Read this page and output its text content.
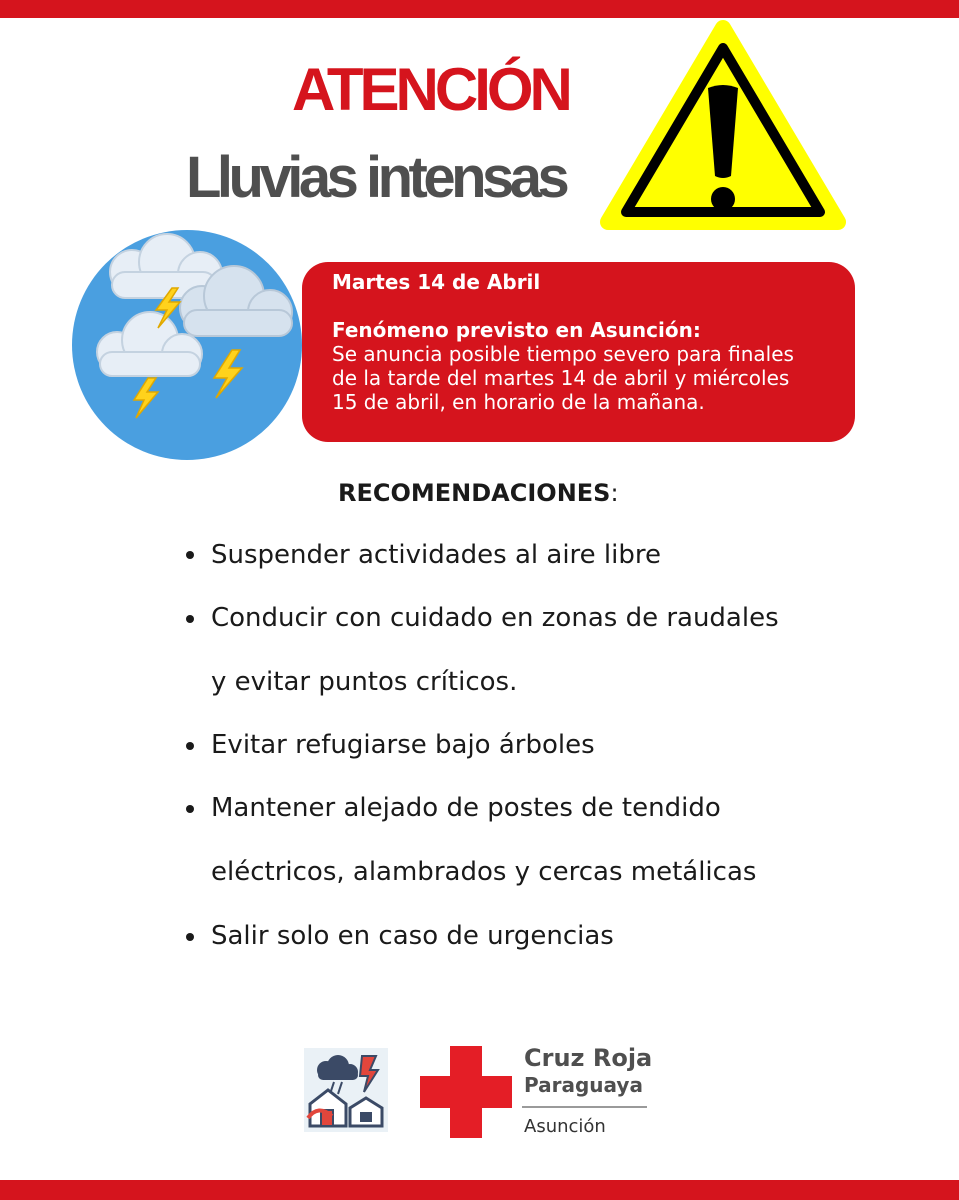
ATENCIÓN
Lluvias intensas

Martes 14 de Abril

Fenómeno previsto en Asunción:

Se anuncia posible tiempo severo para finales

de la tarde del martes 14 de abril y miércoles

15 de abril, en horario de la mañana.

RECOMENDACIONES:
Suspender actividades al aire libre
Conducir con cuidado en zonas de raudales
y evitar puntos críticos.
Evitar refugiarse bajo árboles
Mantener alejado de postes de tendido
eléctricos, alambrados y cercas metálicas
Salir solo en caso de urgencias
Cruz Roja
Paraguaya
Asunción
